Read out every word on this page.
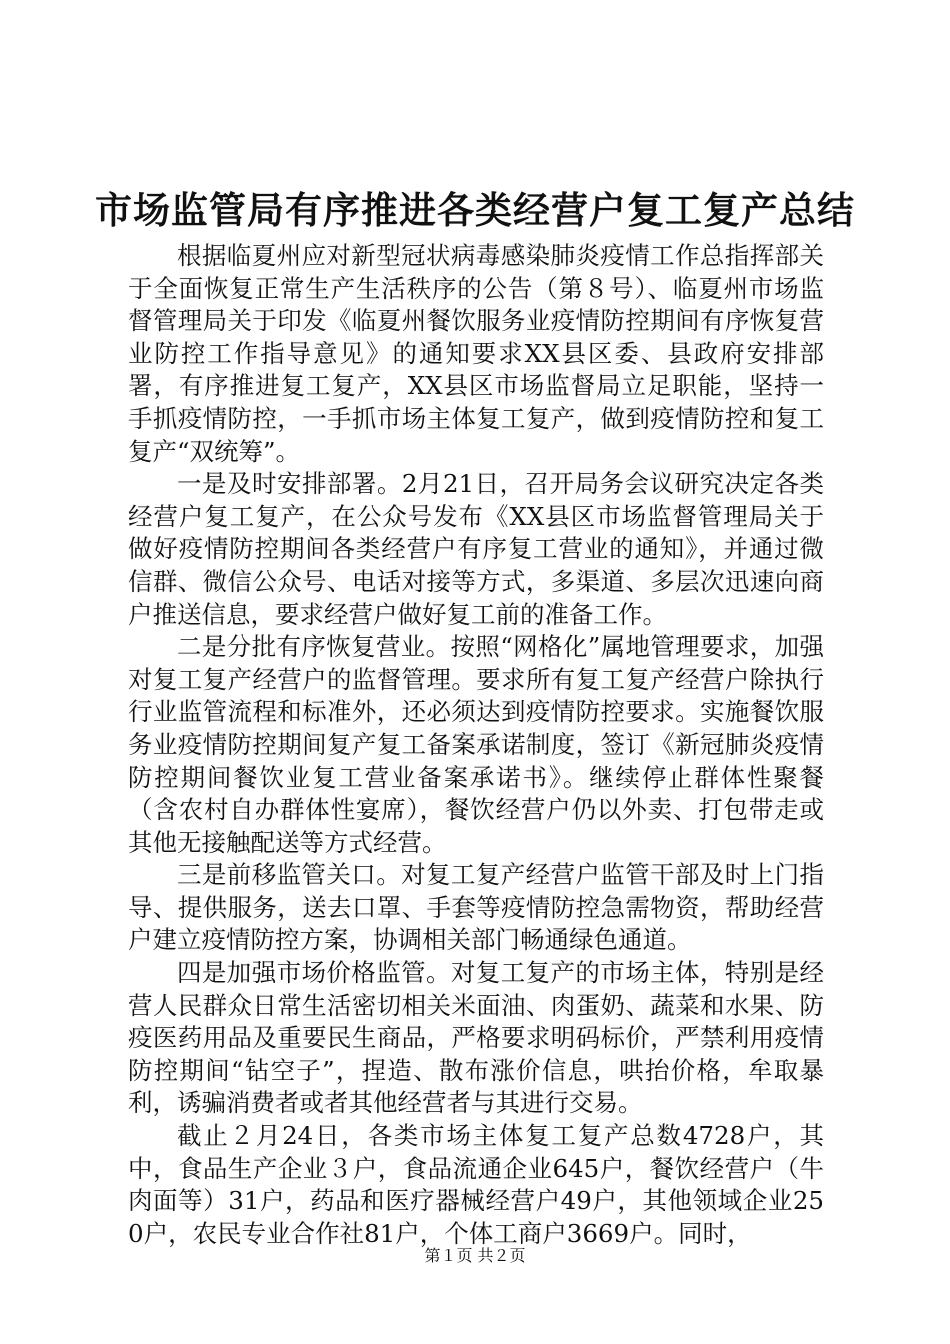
市场监管局有序推进各类经营户复工复产总结

根据临夏州应对新型冠状病毒感染肺炎疫情工作总指挥部关于全面恢复正常生产生活秩序的公告（第８号）、临夏州市场监督管理局关于印发《临夏州餐饮服务业疫情防控期间有序恢复营业防控工作指导意见》的通知要求XX县区委、县政府安排部署，有序推进复工复产，XX县区市场监督局立足职能，坚持一手抓疫情防控，一手抓市场主体复工复产，做到疫情防控和复工复产“双统筹”。

一是及时安排部署。2月21日，召开局务会议研究决定各类经营户复工复产，在公众号发布《XX县区市场监督管理局关于做好疫情防控期间各类经营户有序复工营业的通知》，并通过微信群、微信公众号、电话对接等方式，多渠道、多层次迅速向商户推送信息，要求经营户做好复工前的准备工作。

二是分批有序恢复营业。按照“网格化”属地管理要求，加强对复工复产经营户的监督管理。要求所有复工复产经营户除执行行业监管流程和标准外，还必须达到疫情防控要求。实施餐饮服务业疫情防控期间复产复工备案承诺制度，签订《新冠肺炎疫情防控期间餐饮业复工营业备案承诺书》。继续停止群体性聚餐（含农村自办群体性宴席），餐饮经营户仍以外卖、打包带走或其他无接触配送等方式经营。

三是前移监管关口。对复工复产经营户监管干部及时上门指导、提供服务，送去口罩、手套等疫情防控急需物资，帮助经营户建立疫情防控方案，协调相关部门畅通绿色通道。

四是加强市场价格监管。对复工复产的市场主体，特别是经营人民群众日常生活密切相关米面油、肉蛋奶、蔬菜和水果、防疫医药用品及重要民生商品，严格要求明码标价，严禁利用疫情防控期间“钻空子”，捏造、散布涨价信息，哄抬价格，牟取暴利，诱骗消费者或者其他经营者与其进行交易。

截止２月24日，各类市场主体复工复产总数4728户，其中，食品生产企业３户，食品流通企业645户，餐饮经营户（牛肉面等）31户，药品和医疗器械经营户49户，其他领域企业250户，农民专业合作社81户，个体工商户3669户。同时，

第１页 共２页
